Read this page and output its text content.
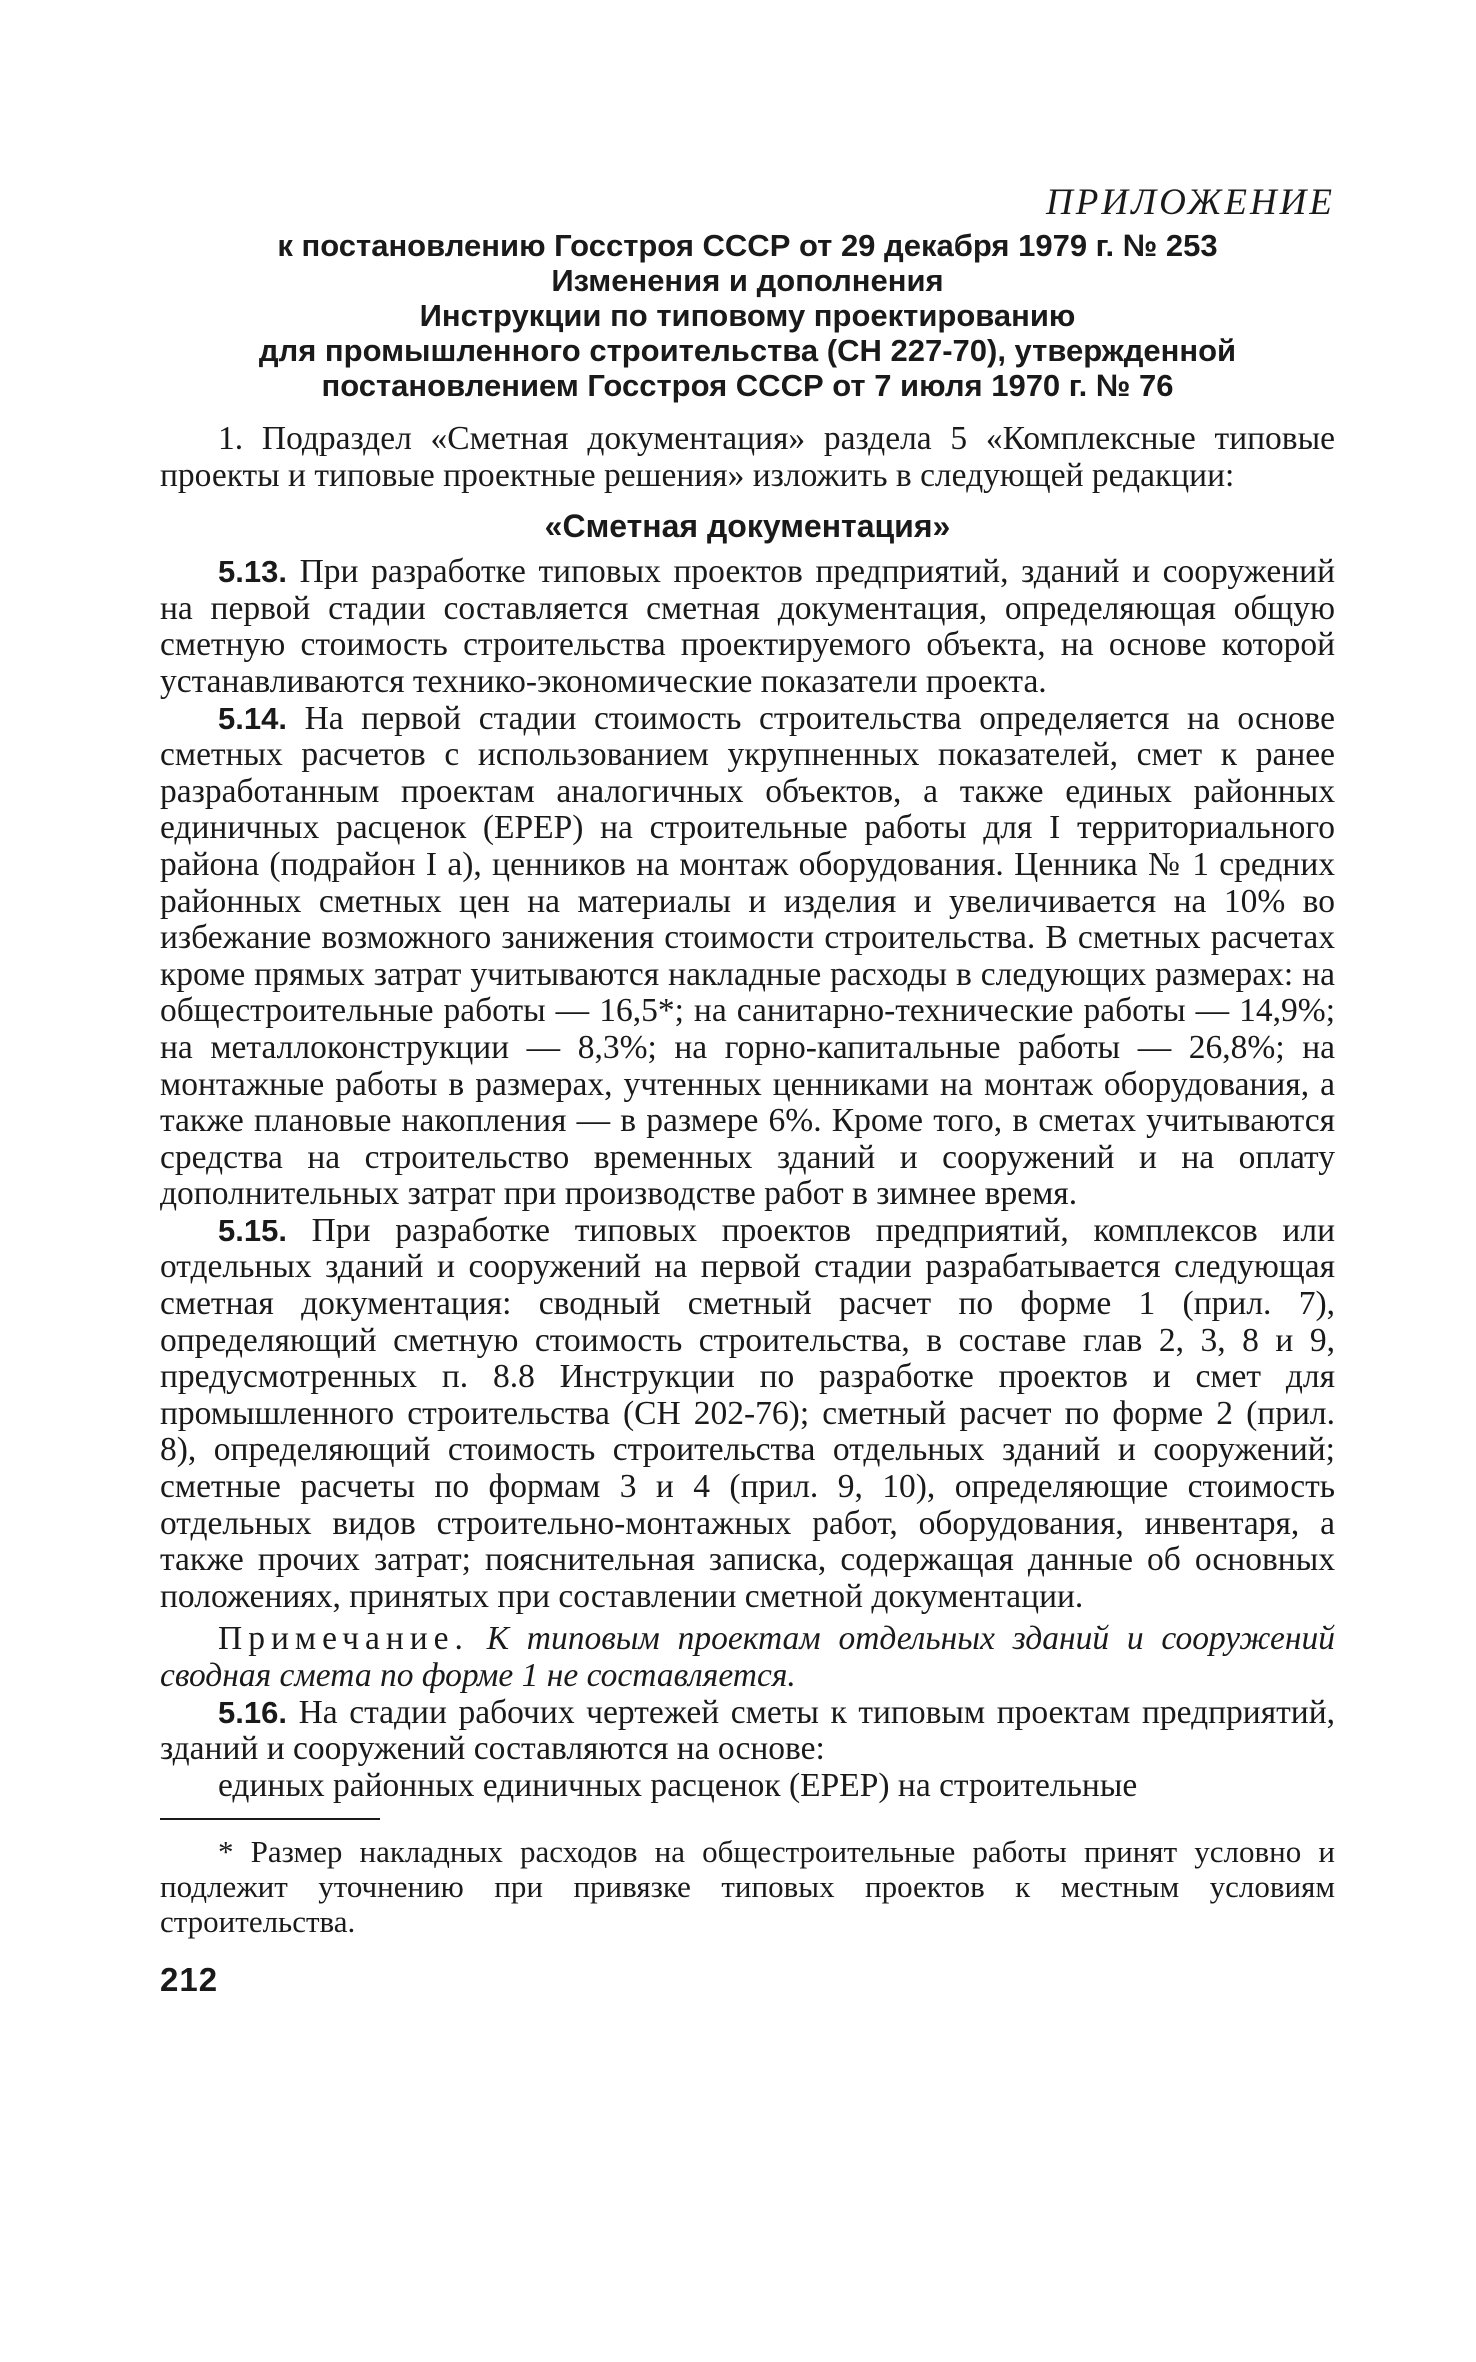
ПРИЛОЖЕНИЕ

к постановлению Госстроя СССР от 29 декабря 1979 г. № 253

Изменения и дополнения

Инструкции по типовому проектированию

для промышленного строительства (СН 227-70), утвержденной

постановлением Госстроя СССР от 7 июля 1970 г. № 76

1. Подраздел «Сметная документация» раздела 5 «Комплексные типовые проекты и типовые проектные решения» изложить в следующей редакции:

«Сметная документация»

5.13. При разработке типовых проектов предприятий, зданий и сооружений на первой стадии составляется сметная документация, определяющая общую сметную стоимость строительства проектируемого объекта, на основе которой устанавливаются технико-экономические показатели проекта.

5.14. На первой стадии стоимость строительства определяется на основе сметных расчетов с использованием укрупненных показателей, смет к ранее разработанным проектам аналогичных объектов, а также единых районных единичных расценок (ЕРЕР) на строительные работы для I территориального района (подрайон I а), ценников на монтаж оборудования. Ценника № 1 средних районных сметных цен на материалы и изделия и увеличивается на 10% во избежание возможного занижения стоимости строительства. В сметных расчетах кроме прямых затрат учитываются накладные расходы в следующих размерах: на общестроительные работы — 16,5*; на санитарно-технические работы — 14,9%; на металлоконструкции — 8,3%; на горно-капитальные работы — 26,8%; на монтажные работы в размерах, учтенных ценниками на монтаж оборудования, а также плановые накопления — в размере 6%. Кроме того, в сметах учитываются средства на строительство временных зданий и сооружений и на оплату дополнительных затрат при производстве работ в зимнее время.

5.15. При разработке типовых проектов предприятий, комплексов или отдельных зданий и сооружений на первой стадии разрабатывается следующая сметная документация: сводный сметный расчет по форме 1 (прил. 7), определяющий сметную стоимость строительства, в составе глав 2, 3, 8 и 9, предусмотренных п. 8.8 Инструкции по разработке проектов и смет для промышленного строительства (СН 202-76); сметный расчет по форме 2 (прил. 8), определяющий стоимость строительства отдельных зданий и сооружений; сметные расчеты по формам 3 и 4 (прил. 9, 10), определяющие стоимость отдельных видов строительно-монтажных работ, оборудования, инвентаря, а также прочих затрат; пояснительная записка, содержащая данные об основных положениях, принятых при составлении сметной документации.

Примечание. К типовым проектам отдельных зданий и сооружений сводная смета по форме 1 не составляется.

5.16. На стадии рабочих чертежей сметы к типовым проектам предприятий, зданий и сооружений составляются на основе:

единых районных единичных расценок (ЕРЕР) на строительные

* Размер накладных расходов на общестроительные работы принят условно и подлежит уточнению при привязке типовых проектов к местным условиям строительства.

212
